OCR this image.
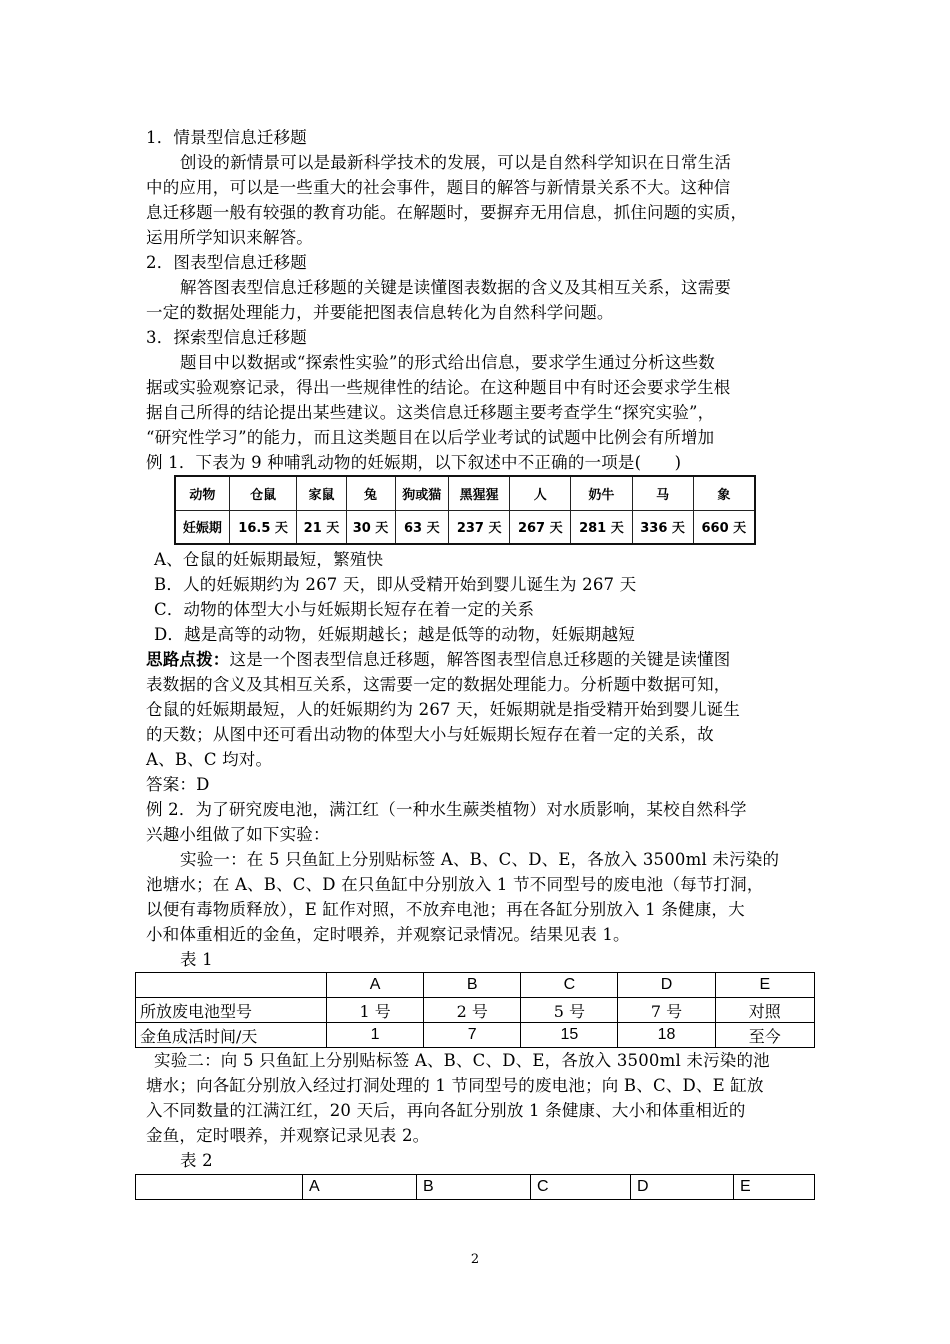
1．情景型信息迁移题
创设的新情景可以是最新科学技术的发展，可以是自然科学知识在日常生活
中的应用，可以是一些重大的社会事件，题目的解答与新情景关系不大。这种信
息迁移题一般有较强的教育功能。在解题时，要摒弃无用信息，抓住问题的实质，
运用所学知识来解答。
2．图表型信息迁移题
解答图表型信息迁移题的关键是读懂图表数据的含义及其相互关系，这需要
一定的数据处理能力，并要能把图表信息转化为自然科学问题。
3．探索型信息迁移题
题目中以数据或“探索性实验”的形式给出信息，要求学生通过分析这些数
据或实验观察记录，得出一些规律性的结论。在这种题目中有时还会要求学生根
据自己所得的结论提出某些建议。这类信息迁移题主要考查学生“探究实验”，
“研究性学习”的能力，而且这类题目在以后学业考试的试题中比例会有所增加
例 1．下表为 9 种哺乳动物的妊娠期，以下叙述中不正确的一项是(　　)
动物	仓鼠	家鼠	兔	狗或猫	黑猩猩	人	奶牛	马	象
妊娠期	16.5 天	21 天	30 天	63 天	237 天	267 天	281 天	336 天	660 天
A、仓鼠的妊娠期最短，繁殖快
B．人的妊娠期约为 267 天，即从受精开始到婴儿诞生为 267 天
C．动物的体型大小与妊娠期长短存在着一定的关系
D．越是高等的动物，妊娠期越长；越是低等的动物，妊娠期越短
思路点拨：这是一个图表型信息迁移题，解答图表型信息迁移题的关键是读懂图
表数据的含义及其相互关系，这需要一定的数据处理能力。分析题中数据可知，
仓鼠的妊娠期最短，人的妊娠期约为 267 天，妊娠期就是指受精开始到婴儿诞生
的天数；从图中还可看出动物的体型大小与妊娠期长短存在着一定的关系，故
A、B、C 均对。
答案：D
例 2．为了研究废电池，满江红（一种水生蕨类植物）对水质影响，某校自然科学
兴趣小组做了如下实验：
实验一：在 5 只鱼缸上分别贴标签 A、B、C、D、E，各放入 3500ml 未污染的
池塘水；在 A、B、C、D 在只鱼缸中分别放入 1 节不同型号的废电池（每节打洞，
以便有毒物质释放），E 缸作对照，不放弃电池；再在各缸分别放入 1 条健康，大
小和体重相近的金鱼，定时喂养，并观察记录情况。结果见表 1。
表 1
	A	B	C	D	E
所放废电池型号	1 号	2 号	5 号	7 号	对照
金鱼成活时间/天	1	7	15	18	至今
实验二：向 5 只鱼缸上分别贴标签 A、B、C、D、E，各放入 3500ml 未污染的池
塘水；向各缸分别放入经过打洞处理的 1 节同型号的废电池；向 B、C、D、E 缸放
入不同数量的江满江红，20 天后，再向各缸分别放 1 条健康、大小和体重相近的
金鱼，定时喂养，并观察记录见表 2。
表 2
	A	B	C	D	E
2
